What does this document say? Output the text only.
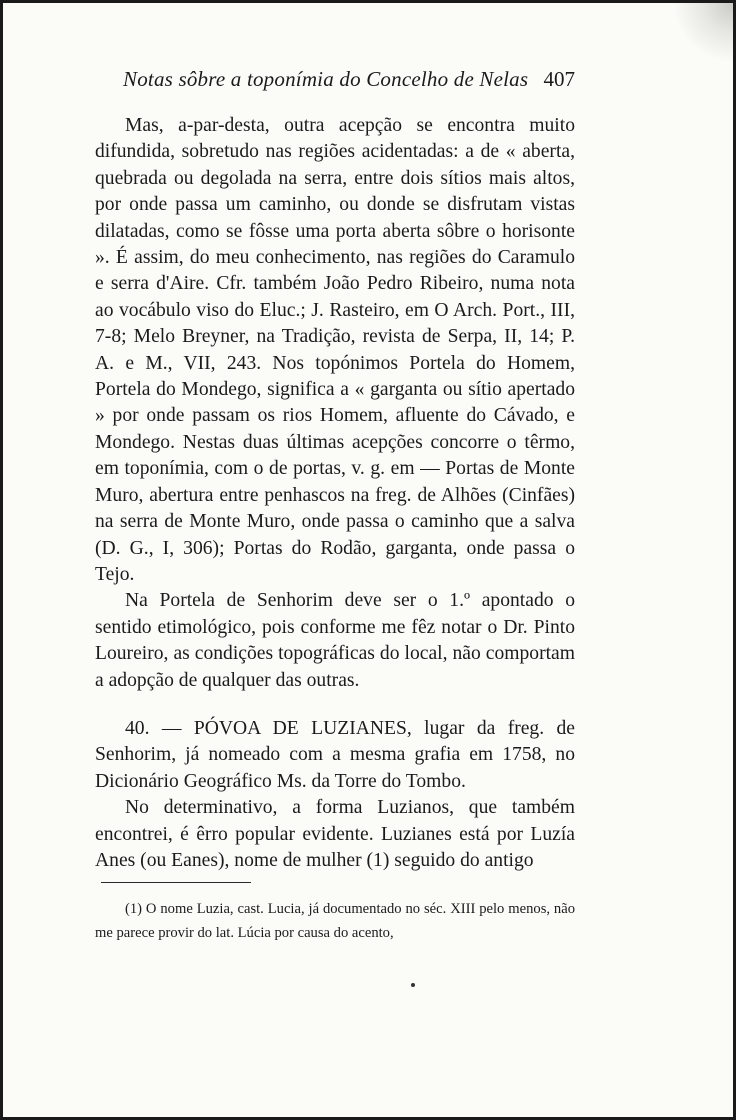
Notas sôbre a toponímia do Concelho de Nelas 407

Mas, a-par-desta, outra acepção se encontra muito difundida, sobretudo nas regiões acidentadas: a de « aberta, quebrada ou degolada na serra, entre dois sítios mais altos, por onde passa um caminho, ou donde se disfrutam vistas dilatadas, como se fôsse uma porta aberta sôbre o horisonte ». É assim, do meu conhecimento, nas regiões do Caramulo e serra d'Aire. Cfr. também João Pedro Ribeiro, numa nota ao vocábulo viso do Eluc.; J. Rasteiro, em O Arch. Port., III, 7-8; Melo Breyner, na Tradição, revista de Serpa, II, 14; P. A. e M., VII, 243. Nos topónimos Portela do Homem, Portela do Mondego, significa a « garganta ou sítio apertado » por onde passam os rios Homem, afluente do Cávado, e Mondego. Nestas duas últimas acepções concorre o têrmo, em toponímia, com o de portas, v. g. em — Portas de Monte Muro, abertura entre penhascos na freg. de Alhões (Cinfães) na serra de Monte Muro, onde passa o caminho que a salva (D. G., I, 306); Portas do Rodão, garganta, onde passa o Tejo.

Na Portela de Senhorim deve ser o 1.º apontado o sentido etimológico, pois conforme me fêz notar o Dr. Pinto Loureiro, as condições topográficas do local, não comportam a adopção de qualquer das outras.

40. — PÓVOA DE LUZIANES, lugar da freg. de Senhorim, já nomeado com a mesma grafia em 1758, no Dicionário Geográfico Ms. da Torre do Tombo.

No determinativo, a forma Luzianos, que também encontrei, é êrro popular evidente. Luzianes está por Luzía Anes (ou Eanes), nome de mulher (1) seguido do antigo

(1) O nome Luzia, cast. Lucia, já documentado no séc. XIII pelo menos, não me parece provir do lat. Lúcia por causa do acento,
